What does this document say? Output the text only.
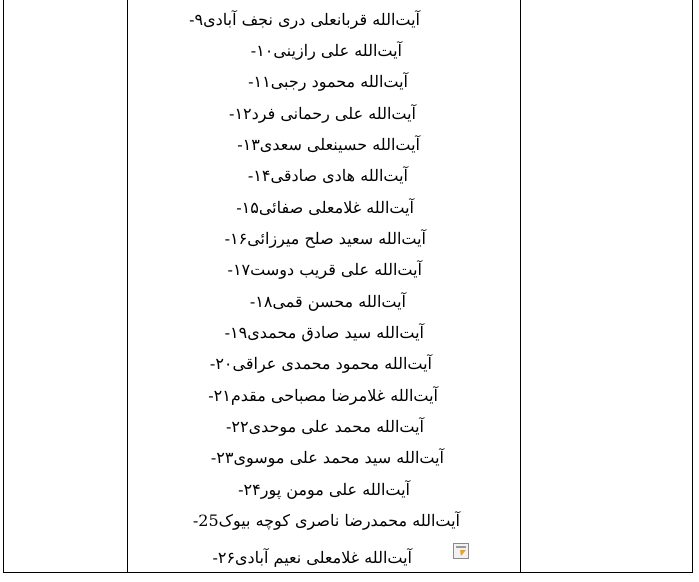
۹-آیت‌الله قربانعلی دری نجف آبادی
۱۰-آیت‌الله علی رازینی
۱۱-آیت‌الله محمود رجبی
۱۲-آیت‌الله علی رحمانی فرد
۱۳-آیت‌الله حسینعلی سعدی
۱۴-آیت‌الله هادی صادقی
۱۵-آیت‌الله غلامعلی صفائی
۱۶-آیت‌الله سعید صلح میرزائی
۱۷-آیت‌الله علی قریب دوست
۱۸-آیت‌الله محسن قمی
۱۹-آیت‌الله سید صادق محمدی
۲۰-آیت‌الله محمود محمدی عراقی
۲۱-آیت‌الله غلامرضا مصباحی مقدم
۲۲-آیت‌الله محمد علی موحدی
۲۳-آیت‌الله سید محمد علی موسوی
۲۴-آیت‌الله علی مومن پور
25-آیت‌الله محمدرضا ناصری کوچه بیوک
۲۶-آیت‌الله غلامعلی نعیم آبادی
